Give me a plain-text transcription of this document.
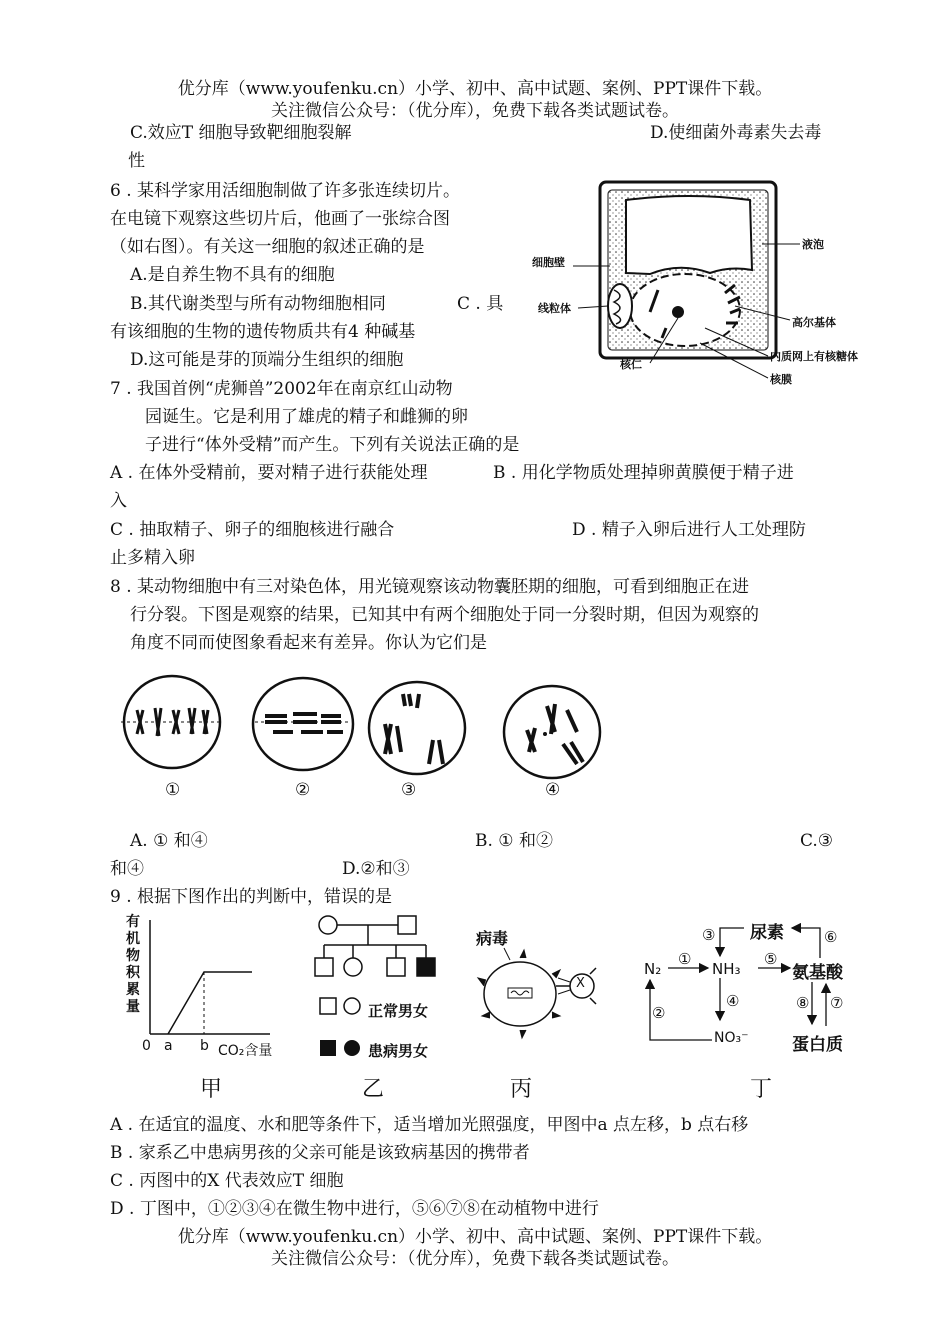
优分库（www.youfenku.cn）小学、初中、高中试题、案例、PPT课件下载。
关注微信公众号：（优分库），免费下载各类试题试卷。
C.效应T 细胞导致靶细胞裂解	D.使细菌外毒素失去毒
性
6 . 某科学家用活细胞制做了许多张连续切片。
在电镜下观察这些切片后，他画了一张综合图
（如右图）。有关这一细胞的叙述正确的是
A.是自养生物不具有的细胞
B.其代谢类型与所有动物细胞相同	C . 具
有该细胞的生物的遗传物质共有4 种碱基
D.这可能是芽的顶端分生组织的细胞
细胞壁
液泡
线粒体
高尔基体
内质网上有核糖体
核仁
核膜
7 . 我国首例“虎狮兽”2002年在南京红山动物
园诞生。它是利用了雄虎的精子和雌狮的卵
子进行“体外受精”而产生。下列有关说法正确的是
A . 在体外受精前，要对精子进行获能处理	B . 用化学物质处理掉卵黄膜便于精子进
入
C . 抽取精子、卵子的细胞核进行融合	D . 精子入卵后进行人工处理防
止多精入卵
8 . 某动物细胞中有三对染色体，用光镜观察该动物囊胚期的细胞，可看到细胞正在进
行分裂。下图是观察的结果，已知其中有两个细胞处于同一分裂时期，但因为观察的
角度不同而使图象看起来有差异。你认为它们是
①	②	③	④
A. ① 和④	B. ① 和②	C.③
和④	D.②和③
9 . 根据下图作出的判断中，错误的是
有
机
物
积
累
量
0 a b CO₂含量
甲
正常男女
患病男女
乙
病毒
X
丙
N₂	NH₃
NO₃⁻
尿素
氨基酸
蛋白质
①
②
③
④
⑤
⑥
⑦
⑧
丁
A . 在适宜的温度、水和肥等条件下，适当增加光照强度，甲图中a 点左移，b 点右移
B . 家系乙中患病男孩的父亲可能是该致病基因的携带者
C . 丙图中的X 代表效应T 细胞
D . 丁图中，①②③④在微生物中进行，⑤⑥⑦⑧在动植物中进行
优分库（www.youfenku.cn）小学、初中、高中试题、案例、PPT课件下载。
关注微信公众号：（优分库），免费下载各类试题试卷。
